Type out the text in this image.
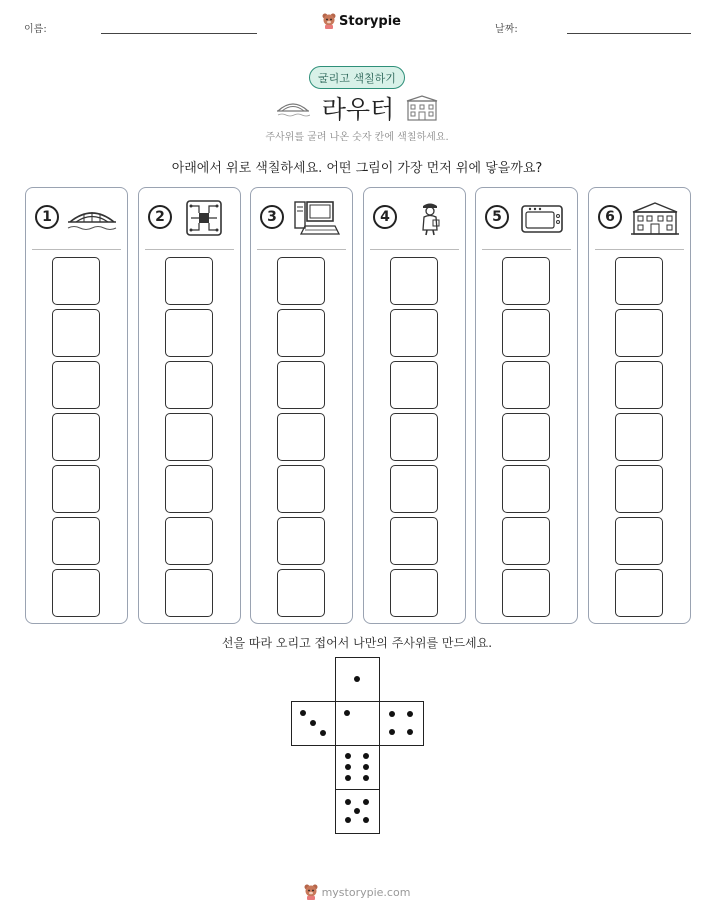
이름:
Storypie
날짜:
굴리고 색칠하기
라우터
주사위를 굴려 나온 숫자 칸에 색칠하세요.
아래에서 위로 색칠하세요. 어떤 그림이 가장 먼저 위에 닿을까요?
1	2	3	4	5	6
선을 따라 오리고 접어서 나만의 주사위를 만드세요.
mystorypie.com
